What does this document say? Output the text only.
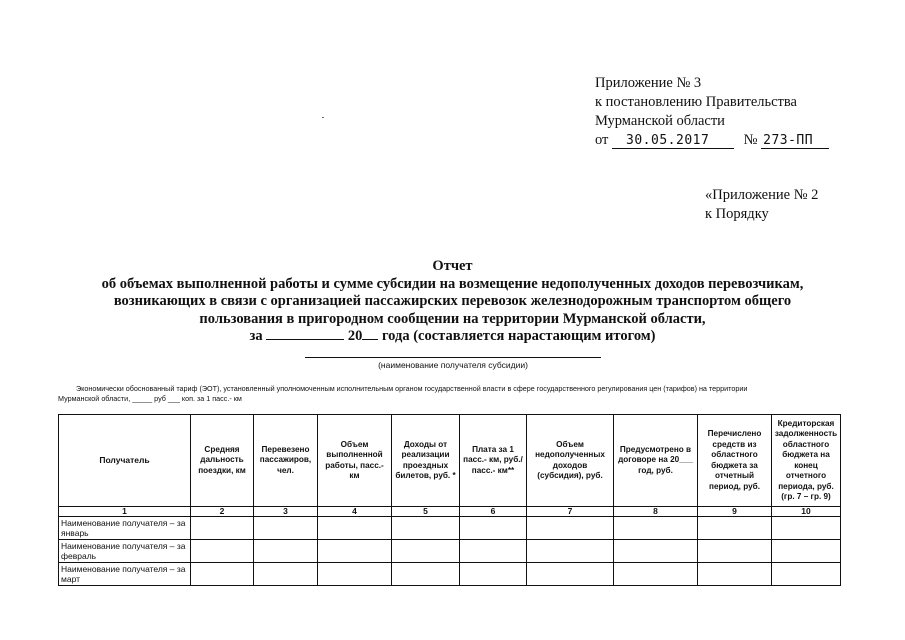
Приложение № 3
к постановлению Правительства
Мурманской области
от 30.05.2017 № 273-ПП
«Приложение № 2
к Порядку
Отчет
об объемах выполненной работы и сумме субсидии на возмещение недополученных доходов перевозчикам,
возникающих в связи с организацией пассажирских перевозок железнодорожным транспортом общего
пользования в пригородном сообщении на территории Мурманской области,
за	20 года (составляется нарастающим итогом)
(наименование получателя субсидии)
Экономически обоснованный тариф (ЭОТ), установленный уполномоченным исполнительным органом государственной власти в сфере государственного регулирования цен (тарифов) на территории
Мурманской области, _____ руб ___ коп. за 1 пасс.- км
Получатель	Средняя дальность поездки, км	Перевезено пассажиров, чел.	Объем выполненной работы, пасс.- км	Доходы от реализации проездных билетов, руб. *	Плата за 1 пасс.- км, руб./ пасс.- км**	Объем недополученных доходов (субсидия), руб.	Предусмотрено в договоре на 20___ год, руб.	Перечислено средств из областного бюджета за отчетный период, руб.	Кредиторская задолженность областного бюджета на конец отчетного периода, руб. (гр. 7 – гр. 9)
1	2	3	4	5	6	7	8	9	10
Наименование получателя – за январь									
Наименование получателя – за февраль									
Наименование получателя – за март									
